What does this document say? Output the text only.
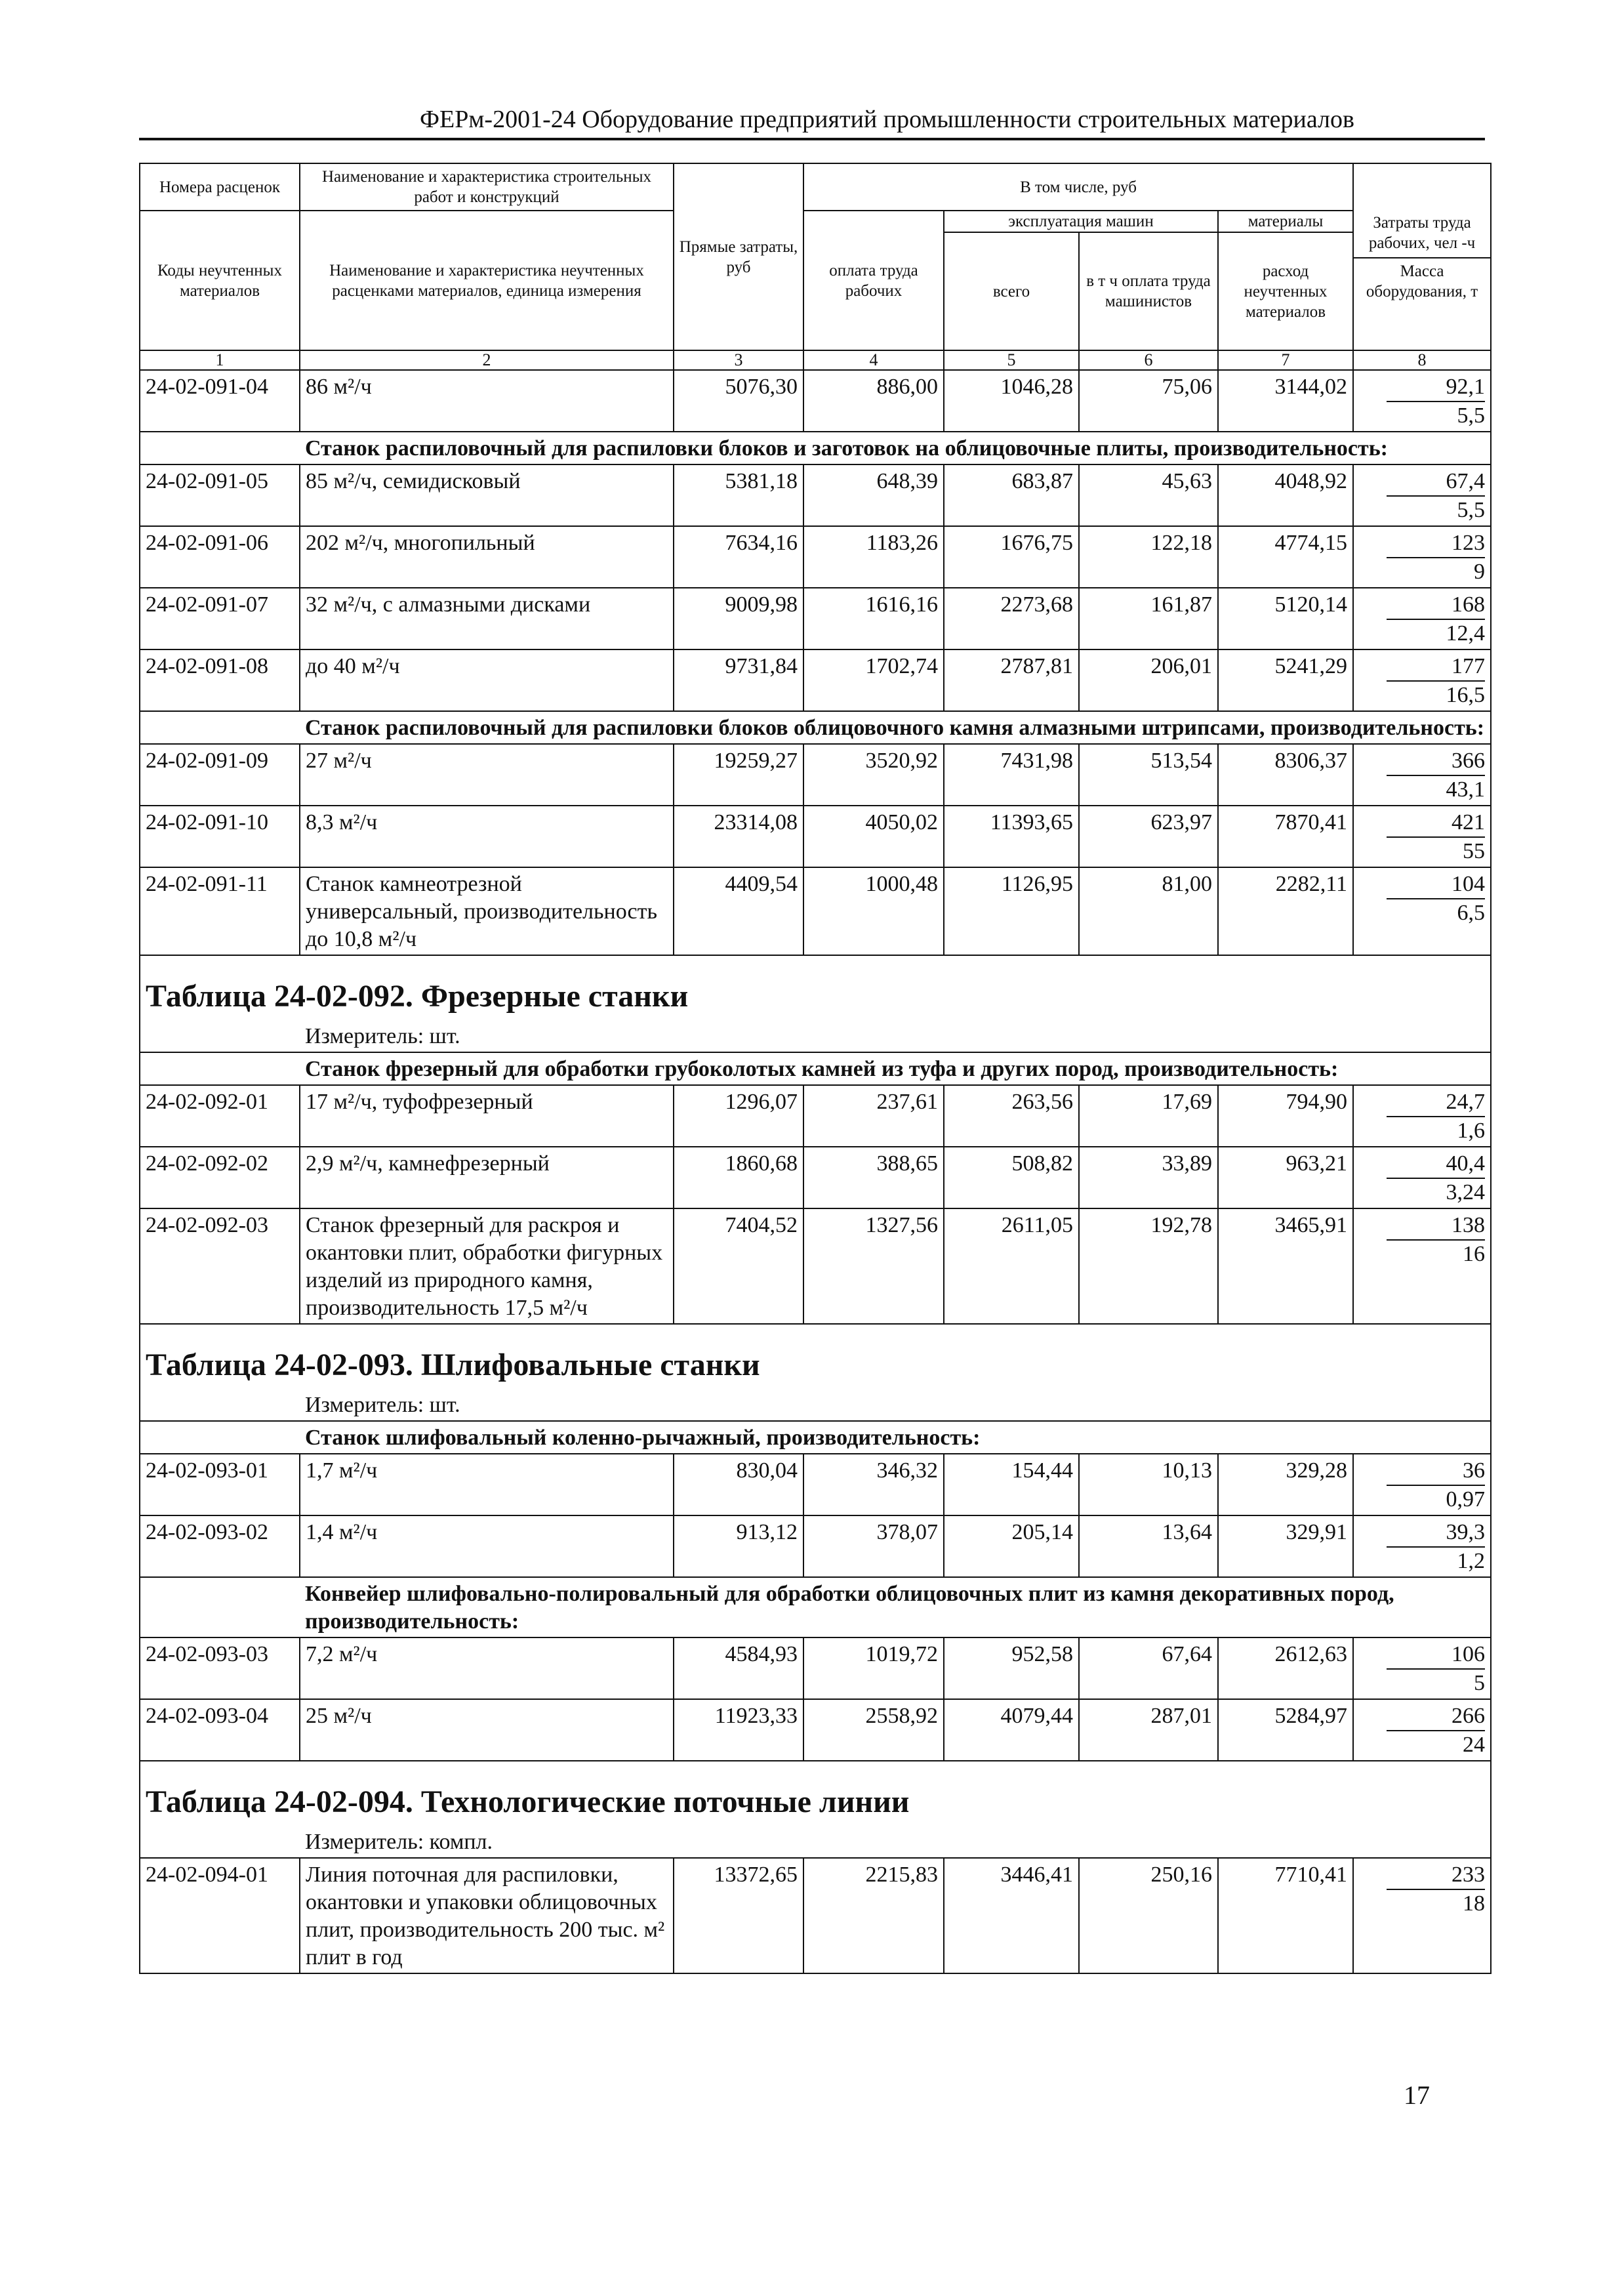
ФЕРм-2001-24 Оборудование предприятий промышленности строительных материалов
Номера расценок	Наименование и характеристика строительных работ и конструкций	Прямые затраты, руб	В том числе, руб				Затраты труда рабочих, чел -ч
Масса оборудования, т

Коды неучтенных материалов	Наименование и характеристика неучтенных расценками материалов, единица измерения		оплата труда рабочих	эксплуатация машин		материалы	
				всего	в т ч оплата труда машинистов	расход неучтенных материалов	
1	2	3	4	5	6	7	8
24-02-091-04	86 м²/ч	5076,30	886,00	1046,28	75,06	3144,02	92,1
5,5
	Станок распиловочный для распиловки блоков и заготовок на облицовочные плиты, производительность:						
24-02-091-05	85 м²/ч, семидисковый	5381,18	648,39	683,87	45,63	4048,92	67,4
5,5
24-02-091-06	202 м²/ч, многопильный	7634,16	1183,26	1676,75	122,18	4774,15	123
9
24-02-091-07	32 м²/ч, с алмазными дисками	9009,98	1616,16	2273,68	161,87	5120,14	168
12,4
24-02-091-08	до 40 м²/ч	9731,84	1702,74	2787,81	206,01	5241,29	177
16,5
	Станок распиловочный для распиловки блоков облицовочного камня алмазными штрипсами, производительность:						
24-02-091-09	27 м²/ч	19259,27	3520,92	7431,98	513,54	8306,37	366
43,1
24-02-091-10	8,3 м²/ч	23314,08	4050,02	11393,65	623,97	7870,41	421
55
24-02-091-11	Станок камнеотрезной универсальный, производительность до 10,8 м²/ч	4409,54	1000,48	1126,95	81,00	2282,11	104
6,5
Таблица 24-02-092. Фрезерные станки							
	Измеритель: шт.						
	Станок фрезерный для обработки грубоколотых камней из туфа и других пород, производительность:						
24-02-092-01	17 м²/ч, туфофрезерный	1296,07	237,61	263,56	17,69	794,90	24,7
1,6
24-02-092-02	2,9 м²/ч, камнефрезерный	1860,68	388,65	508,82	33,89	963,21	40,4
3,24
24-02-092-03	Станок фрезерный для раскроя и окантовки плит, обработки фигурных изделий из природного камня, производительность 17,5 м²/ч	7404,52	1327,56	2611,05	192,78	3465,91	138
16
Таблица 24-02-093. Шлифовальные станки							
	Измеритель: шт.						
	Станок шлифовальный коленно-рычажный, производительность:						
24-02-093-01	1,7 м²/ч	830,04	346,32	154,44	10,13	329,28	36
0,97
24-02-093-02	1,4 м²/ч	913,12	378,07	205,14	13,64	329,91	39,3
1,2
	Конвейер шлифовально-полировальный для обработки облицовочных плит из камня декоративных пород, производительность:						
24-02-093-03	7,2 м²/ч	4584,93	1019,72	952,58	67,64	2612,63	106
5
24-02-093-04	25 м²/ч	11923,33	2558,92	4079,44	287,01	5284,97	266
24
Таблица 24-02-094. Технологические поточные линии							
	Измеритель: компл.						
24-02-094-01	Линия поточная для распиловки, окантовки и упаковки облицовочных плит, производительность 200 тыс. м² плит в год	13372,65	2215,83	3446,41	250,16	7710,41	233
18
17
